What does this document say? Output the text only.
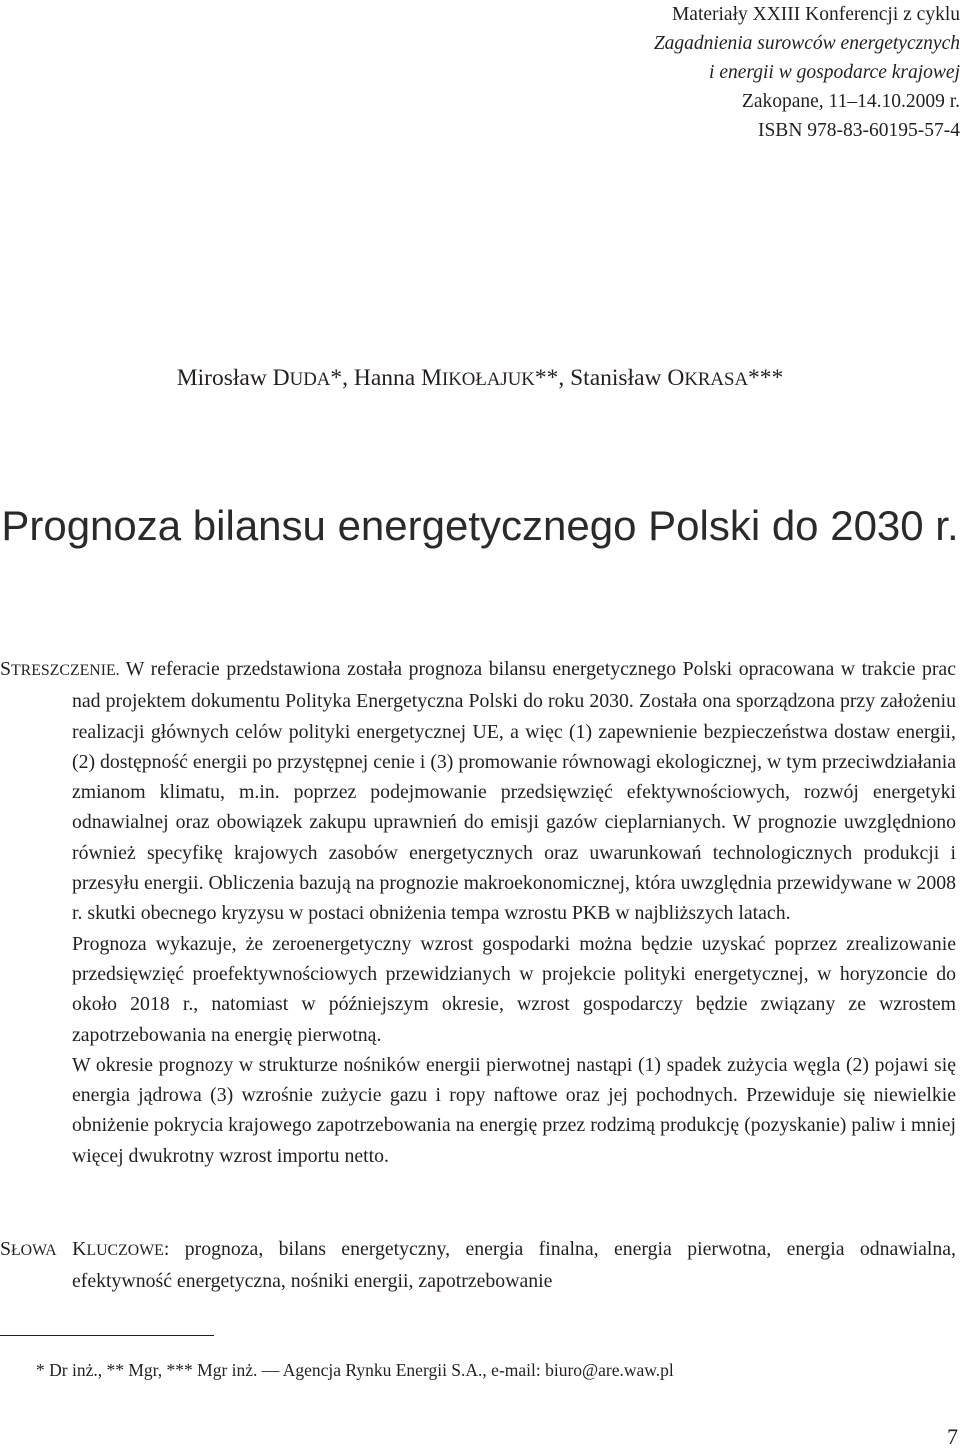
Materiały XXIII Konferencji z cyklu
Zagadnienia surowców energetycznych
i energii w gospodarce krajowej
Zakopane, 11–14.10.2009 r.
ISBN 978-83-60195-57-4
Mirosław DUDA*, Hanna MIKOŁAJUK**, Stanisław OKRASA***
Prognoza bilansu energetycznego Polski do 2030 r.

STRESZCZENIE. W referacie przedstawiona została prognoza bilansu energetycznego Polski opracowana w trakcie prac nad projektem dokumentu Polityka Energetyczna Polski do roku 2030. Została ona sporządzona przy założeniu realizacji głównych celów polityki energetycznej UE, a więc (1) zapewnienie bezpieczeństwa dostaw energii, (2) dostępność energii po przystępnej cenie i (3) promowanie równowagi ekologicznej, w tym przeciwdziałania zmianom klimatu, m.in. poprzez podejmowanie przedsięwzięć efektywnościowych, rozwój energetyki odnawialnej oraz obowiązek zakupu uprawnień do emisji gazów cieplarnianych. W prognozie uwzględniono również specyfikę krajowych zasobów energetycznych oraz uwarunkowań technologicznych produkcji i przesyłu energii. Obliczenia bazują na prognozie makroekonomicznej, która uwzględnia przewidywane w 2008 r. skutki obecnego kryzysu w postaci obniżenia tempa wzrostu PKB w najbliższych latach.

Prognoza wykazuje, że zeroenergetyczny wzrost gospodarki można będzie uzyskać poprzez zrealizowanie przedsięwzięć proefektywnościowych przewidzianych w projekcie polityki energetycznej, w horyzoncie do około 2018 r., natomiast w późniejszym okresie, wzrost gospodarczy będzie związany ze wzrostem zapotrzebowania na energię pierwotną.

W okresie prognozy w strukturze nośników energii pierwotnej nastąpi (1) spadek zużycia węgla (2) pojawi się energia jądrowa (3) wzrośnie zużycie gazu i ropy naftowe oraz jej pochodnych. Przewiduje się niewielkie obniżenie pokrycia krajowego zapotrzebowania na energię przez rodzimą produkcję (pozyskanie) paliw i mniej więcej dwukrotny wzrost importu netto.

SŁOWA KLUCZOWE: prognoza, bilans energetyczny, energia finalna, energia pierwotna, energia odnawialna, efektywność energetyczna, nośniki energii, zapotrzebowanie
* Dr inż., ** Mgr, *** Mgr inż. — Agencja Rynku Energii S.A., e-mail: biuro@are.waw.pl
7
